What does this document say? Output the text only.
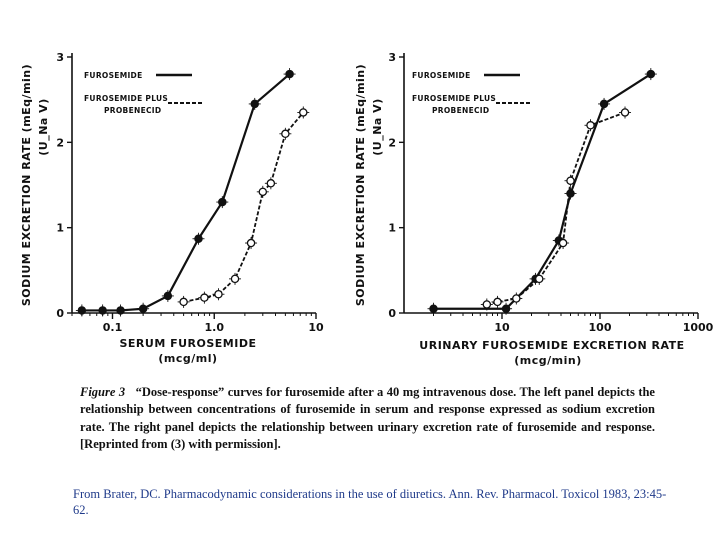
0.1	1.0	10
0
1
2
3
SODIUM EXCRETION RATE (mEq/min) (U_Na V)
SERUM FUROSEMIDE
(mcg/ml)
FUROSEMIDE
FUROSEMIDE PLUS
PROBENECID
10	100	1000
0
1
2
3
SODIUM EXCRETION RATE (mEq/min) (U_Na V)
URINARY FUROSEMIDE EXCRETION RATE
(mcg/min)
FUROSEMIDE
FUROSEMIDE PLUS
PROBENECID

Figure 3 “Dose-response” curves for furosemide after a 40 mg intravenous dose. The left panel depicts the relationship between concentrations of furosemide in serum and response expressed as sodium excretion rate. The right panel depicts the relationship between urinary excretion rate of furosemide and response. [Reprinted from (3) with permission].

From Brater, DC. Pharmacodynamic considerations in the use of diuretics. Ann. Rev. Pharmacol. Toxicol 1983, 23:45-62.
